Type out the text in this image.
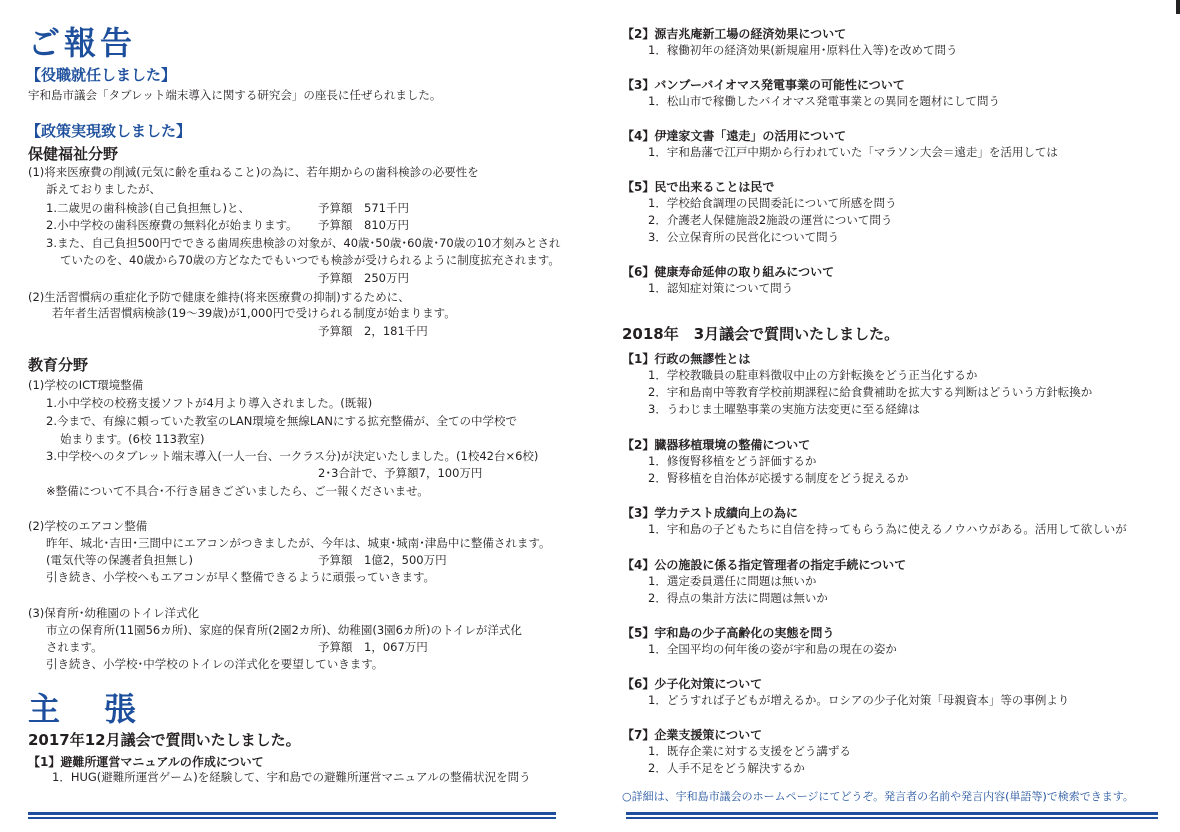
ご報告
【役職就任しました】
宇和島市議会「タブレット端末導入に関する研究会」の座長に任ぜられました。
【政策実現致しました】
保健福祉分野
(1)将来医療費の削減(元気に齢を重ねること)の為に、若年期からの歯科検診の必要性を
訴えておりましたが、
1.二歳児の歯科検診(自己負担無し)と、	予算額　571千円
2.小中学校の歯科医療費の無料化が始まります。 予算額　810万円
3.また、自己負担500円でできる歯周疾患検診の対象が、40歳･50歳･60歳･70歳の10才刻みとされ
ていたのを、40歳から70歳の方どなたでもいつでも検診が受けられるように制度拡充されます。
予算額　250万円
(2)生活習慣病の重症化予防で健康を維持(将来医療費の抑制)するために、
若年者生活習慣病検診(19～39歳)が1,000円で受けられる制度が始まります。
予算額　2，181千円
教育分野
(1)学校のICT環境整備
1.小中学校の校務支援ソフトが4月より導入されました。(既報)
2.今まで、有線に頼っていた教室のLAN環境を無線LANにする拡充整備が、全ての中学校で
始まります。(6校 113教室)
3.中学校へのタブレット端末導入(一人一台、一クラス分)が決定いたしました。(1校42台×6校)
2･3合計で、予算額7，100万円
※整備について不具合･不行き届きございましたら、ご一報くださいませ。
(2)学校のエアコン整備
昨年、城北･吉田･三間中にエアコンがつきましたが、今年は、城東･城南･津島中に整備されます。
(電気代等の保護者負担無し)	予算額　1億2，500万円
引き続き、小学校へもエアコンが早く整備できるように頑張っていきます。
(3)保育所･幼稚園のトイレ洋式化
市立の保育所(11園56カ所)、家庭的保育所(2園2カ所)、幼稚園(3園6カ所)のトイレが洋式化
されます。	予算額　1，067万円
引き続き、小学校･中学校のトイレの洋式化を要望していきます。
主　張
2017年12月議会で質問いたしました。
【1】避難所運営マニュアルの作成について
1．HUG(避難所運営ゲーム)を経験して、宇和島での避難所運営マニュアルの整備状況を問う
【2】源吉兆庵新工場の経済効果について
1．稼働初年の経済効果(新規雇用･原料仕入等)を改めて問う
【3】バンブーバイオマス発電事業の可能性について
1．松山市で稼働したバイオマス発電事業との異同を題材にして問う
【4】伊達家文書「遠走」の活用について
1．宇和島藩で江戸中期から行われていた「マラソン大会＝遠走」を活用しては
【5】民で出来ることは民で
1．学校給食調理の民間委託について所感を問う
2．介護老人保健施設2施設の運営について問う
3．公立保育所の民営化について問う
【6】健康寿命延伸の取り組みについて
1．認知症対策について問う
2018年　3月議会で質問いたしました。
【1】行政の無謬性とは
1．学校教職員の駐車料徴収中止の方針転換をどう正当化するか
2．宇和島南中等教育学校前期課程に給食費補助を拡大する判断はどういう方針転換か
3．うわじま土曜塾事業の実施方法変更に至る経緯は
【2】臓器移植環境の整備について
1．修復腎移植をどう評価するか
2．腎移植を自治体が応援する制度をどう捉えるか
【3】学力テスト成績向上の為に
1．宇和島の子どもたちに自信を持ってもらう為に使えるノウハウがある。活用して欲しいが
【4】公の施設に係る指定管理者の指定手続について
1．選定委員選任に問題は無いか
2．得点の集計方法に問題は無いか
【5】宇和島の少子高齢化の実態を問う
1．全国平均の何年後の姿が宇和島の現在の姿か
【6】少子化対策について
1．どうすれば子どもが増えるか。ロシアの少子化対策「母親資本」等の事例より
【7】企業支援策について
1．既存企業に対する支援をどう講ずる
2．人手不足をどう解決するか
○詳細は、宇和島市議会のホームページにてどうぞ。発言者の名前や発言内容(単語等)で検索できます。
